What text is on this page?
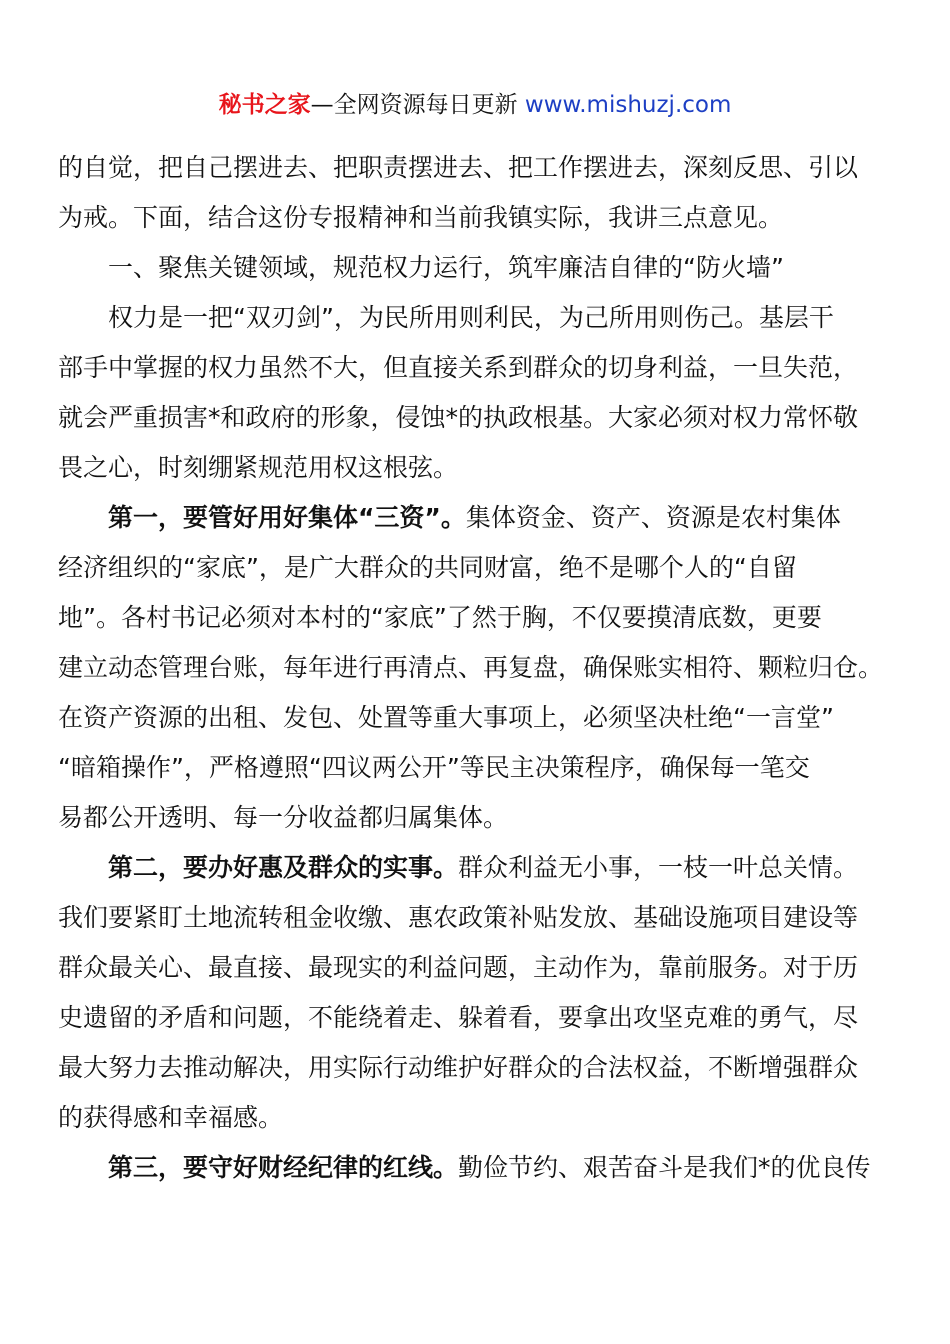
秘书之家—全网资源每日更新 www.mishuzj.com
的自觉，把自己摆进去、把职责摆进去、把工作摆进去，深刻反思、引以
为戒。下面，结合这份专报精神和当前我镇实际，我讲三点意见。
一、聚焦关键领域，规范权力运行，筑牢廉洁自律的“防火墙”
权力是一把“双刃剑”，为民所用则利民，为己所用则伤己。基层干
部手中掌握的权力虽然不大，但直接关系到群众的切身利益，一旦失范，
就会严重损害*和政府的形象，侵蚀*的执政根基。大家必须对权力常怀敬
畏之心，时刻绷紧规范用权这根弦。
第一，要管好用好集体“三资”。集体资金、资产、资源是农村集体
经济组织的“家底”，是广大群众的共同财富，绝不是哪个人的“自留
地”。各村书记必须对本村的“家底”了然于胸，不仅要摸清底数，更要
建立动态管理台账，每年进行再清点、再复盘，确保账实相符、颗粒归仓。
在资产资源的出租、发包、处置等重大事项上，必须坚决杜绝“一言堂”
“暗箱操作”，严格遵照“四议两公开”等民主决策程序，确保每一笔交
易都公开透明、每一分收益都归属集体。
第二，要办好惠及群众的实事。群众利益无小事，一枝一叶总关情。
我们要紧盯土地流转租金收缴、惠农政策补贴发放、基础设施项目建设等
群众最关心、最直接、最现实的利益问题，主动作为，靠前服务。对于历
史遗留的矛盾和问题，不能绕着走、躲着看，要拿出攻坚克难的勇气，尽
最大努力去推动解决，用实际行动维护好群众的合法权益，不断增强群众
的获得感和幸福感。
第三，要守好财经纪律的红线。勤俭节约、艰苦奋斗是我们*的优良传
